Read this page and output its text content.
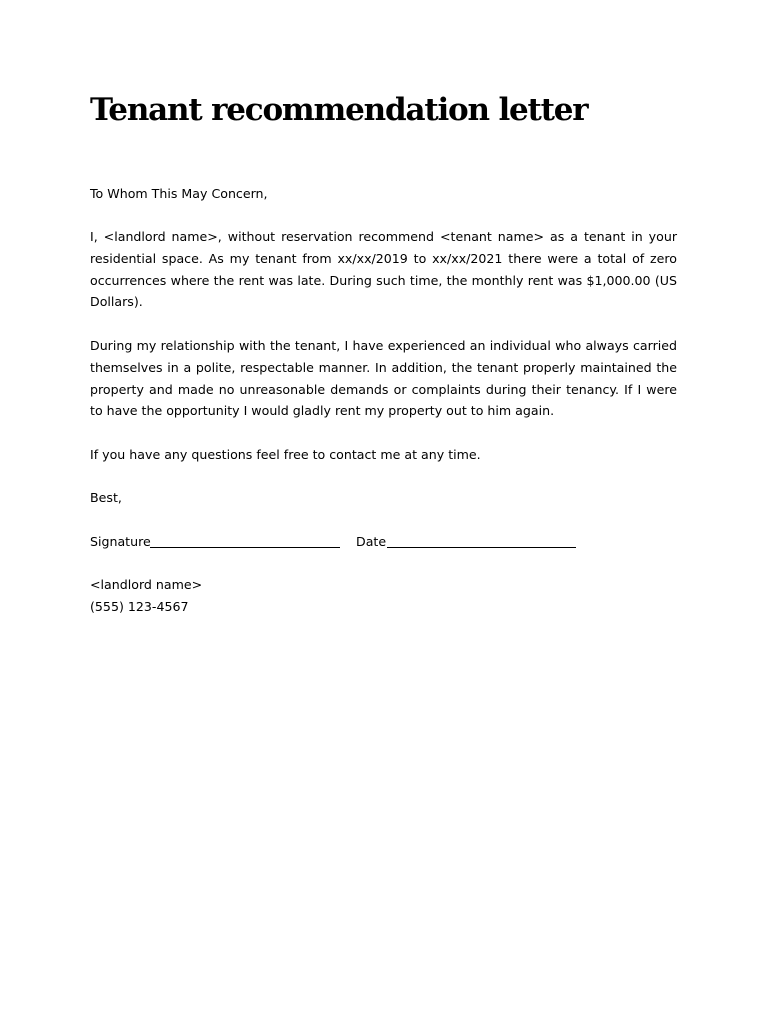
Tenant recommendation letter

To Whom This May Concern,

I, <landlord name>, without reservation recommend <tenant name> as a tenant in your residential space. As my tenant from xx/xx/2019 to xx/xx/2021 there were a total of zero occurrences where the rent was late. During such time, the monthly rent was $1,000.00 (US Dollars).

During my relationship with the tenant, I have experienced an individual who always carried themselves in a polite, respectable manner. In addition, the tenant properly maintained the property and made no unreasonable demands or complaints during their tenancy. If I were to have the opportunity I would gladly rent my property out to him again.

If you have any questions feel free to contact me at any time.

Best,

Signature	Date
<landlord name>
(555) 123-4567
